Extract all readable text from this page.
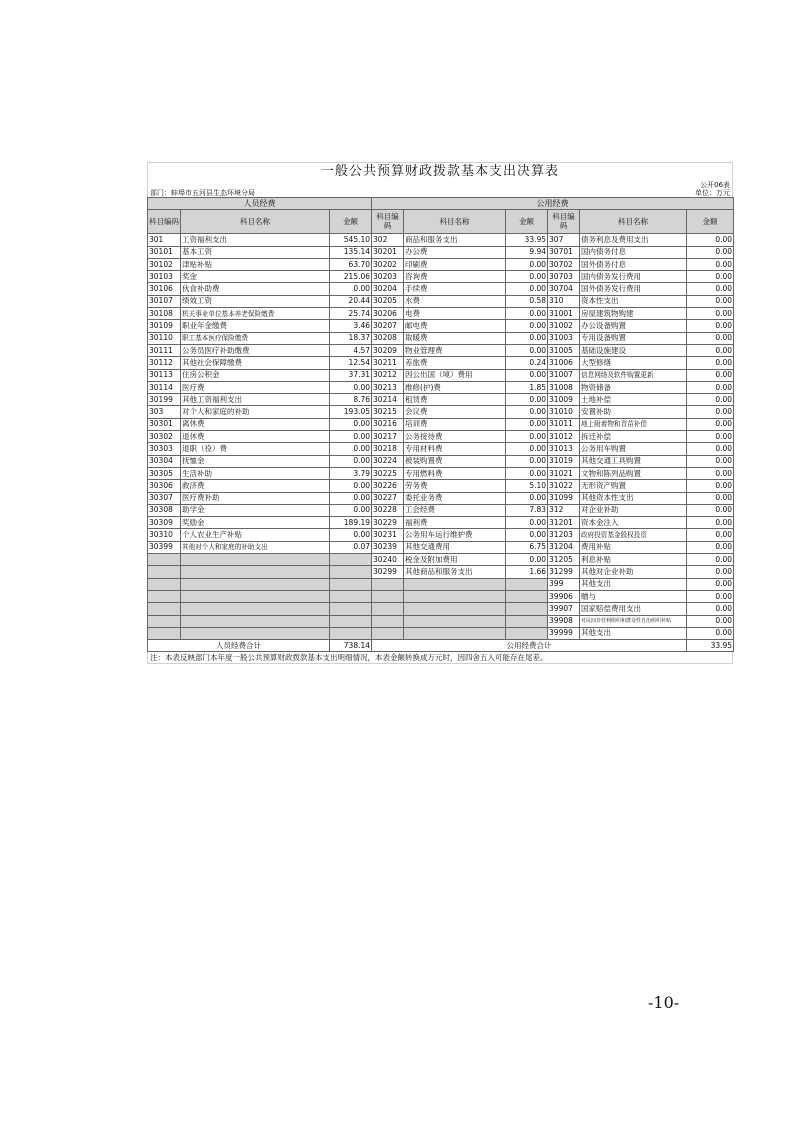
一般公共预算财政拨款基本支出决算表
公开06表
部门：蚌埠市五河县生态环境分局	单位：万元
人员经费			公用经费					
科目编码	科目名称	金额	科目编码	科目名称	金额	科目编码	科目名称	金额
301	工资福利支出	545.10	302	商品和服务支出	33.95	307	债务利息及费用支出	0.00
30101	基本工资	135.14	30201	办公费	9.94	30701	国内债务付息	0.00
30102	津贴补贴	63.70	30202	印刷费	0.00	30702	国外债务付息	0.00
30103	奖金	215.06	30203	咨询费	0.00	30703	国内债务发行费用	0.00
30106	伙食补助费	0.00	30204	手续费	0.00	30704	国外债务发行费用	0.00
30107	绩效工资	20.44	30205	水费	0.58	310	资本性支出	0.00
30108	机关事业单位基本养老保险缴费	25.74	30206	电费	0.00	31001	房屋建筑物购建	0.00
30109	职业年金缴费	3.46	30207	邮电费	0.00	31002	办公设备购置	0.00
30110	职工基本医疗保险缴费	18.37	30208	取暖费	0.00	31003	专用设备购置	0.00
30111	公务员医疗补助缴费	4.57	30209	物业管理费	0.00	31005	基础设施建设	0.00
30112	其他社会保障缴费	12.54	30211	差旅费	0.24	31006	大型修缮	0.00
30113	住房公积金	37.31	30212	因公出国（境）费用	0.00	31007	信息网络及软件购置更新	0.00
30114	医疗费	0.00	30213	维修(护)费	1.85	31008	物资储备	0.00
30199	其他工资福利支出	8.76	30214	租赁费	0.00	31009	土地补偿	0.00
303	对个人和家庭的补助	193.05	30215	会议费	0.00	31010	安置补助	0.00
30301	离休费	0.00	30216	培训费	0.00	31011	地上附着物和青苗补偿	0.00
30302	退休费	0.00	30217	公务接待费	0.00	31012	拆迁补偿	0.00
30303	退职（役）费	0.00	30218	专用材料费	0.00	31013	公务用车购置	0.00
30304	抚恤金	0.00	30224	被装购置费	0.00	31019	其他交通工具购置	0.00
30305	生活补助	3.79	30225	专用燃料费	0.00	31021	文物和陈列品购置	0.00
30306	救济费	0.00	30226	劳务费	5.10	31022	无形资产购置	0.00
30307	医疗费补助	0.00	30227	委托业务费	0.00	31099	其他资本性支出	0.00
30308	助学金	0.00	30228	工会经费	7.83	312	对企业补助	0.00
30309	奖励金	189.19	30229	福利费	0.00	31201	资本金注入	0.00
30310	个人农业生产补贴	0.00	30231	公务用车运行维护费	0.00	31203	政府投资基金股权投资	0.00
30399	其他对个人和家庭的补助支出	0.07	30239	其他交通费用	6.75	31204	费用补贴	0.00
			30240	税金及附加费用	0.00	31205	利息补贴	0.00
			30299	其他商品和服务支出	1.66	31299	其他对企业补助	0.00
						399	其他支出	0.00
						39906	赠与	0.00
						39907	国家赔偿费用支出	0.00
						39908	对民间非营利组织和群众性自治组织补贴	0.00
						39999	其他支出	0.00
人员经费合计		738.14	公用经费合计					33.95
注：本表反映部门本年度一般公共预算财政拨款基本支出明细情况，本表金额转换成万元时，因四舍五入可能存在尾差。
-10-
